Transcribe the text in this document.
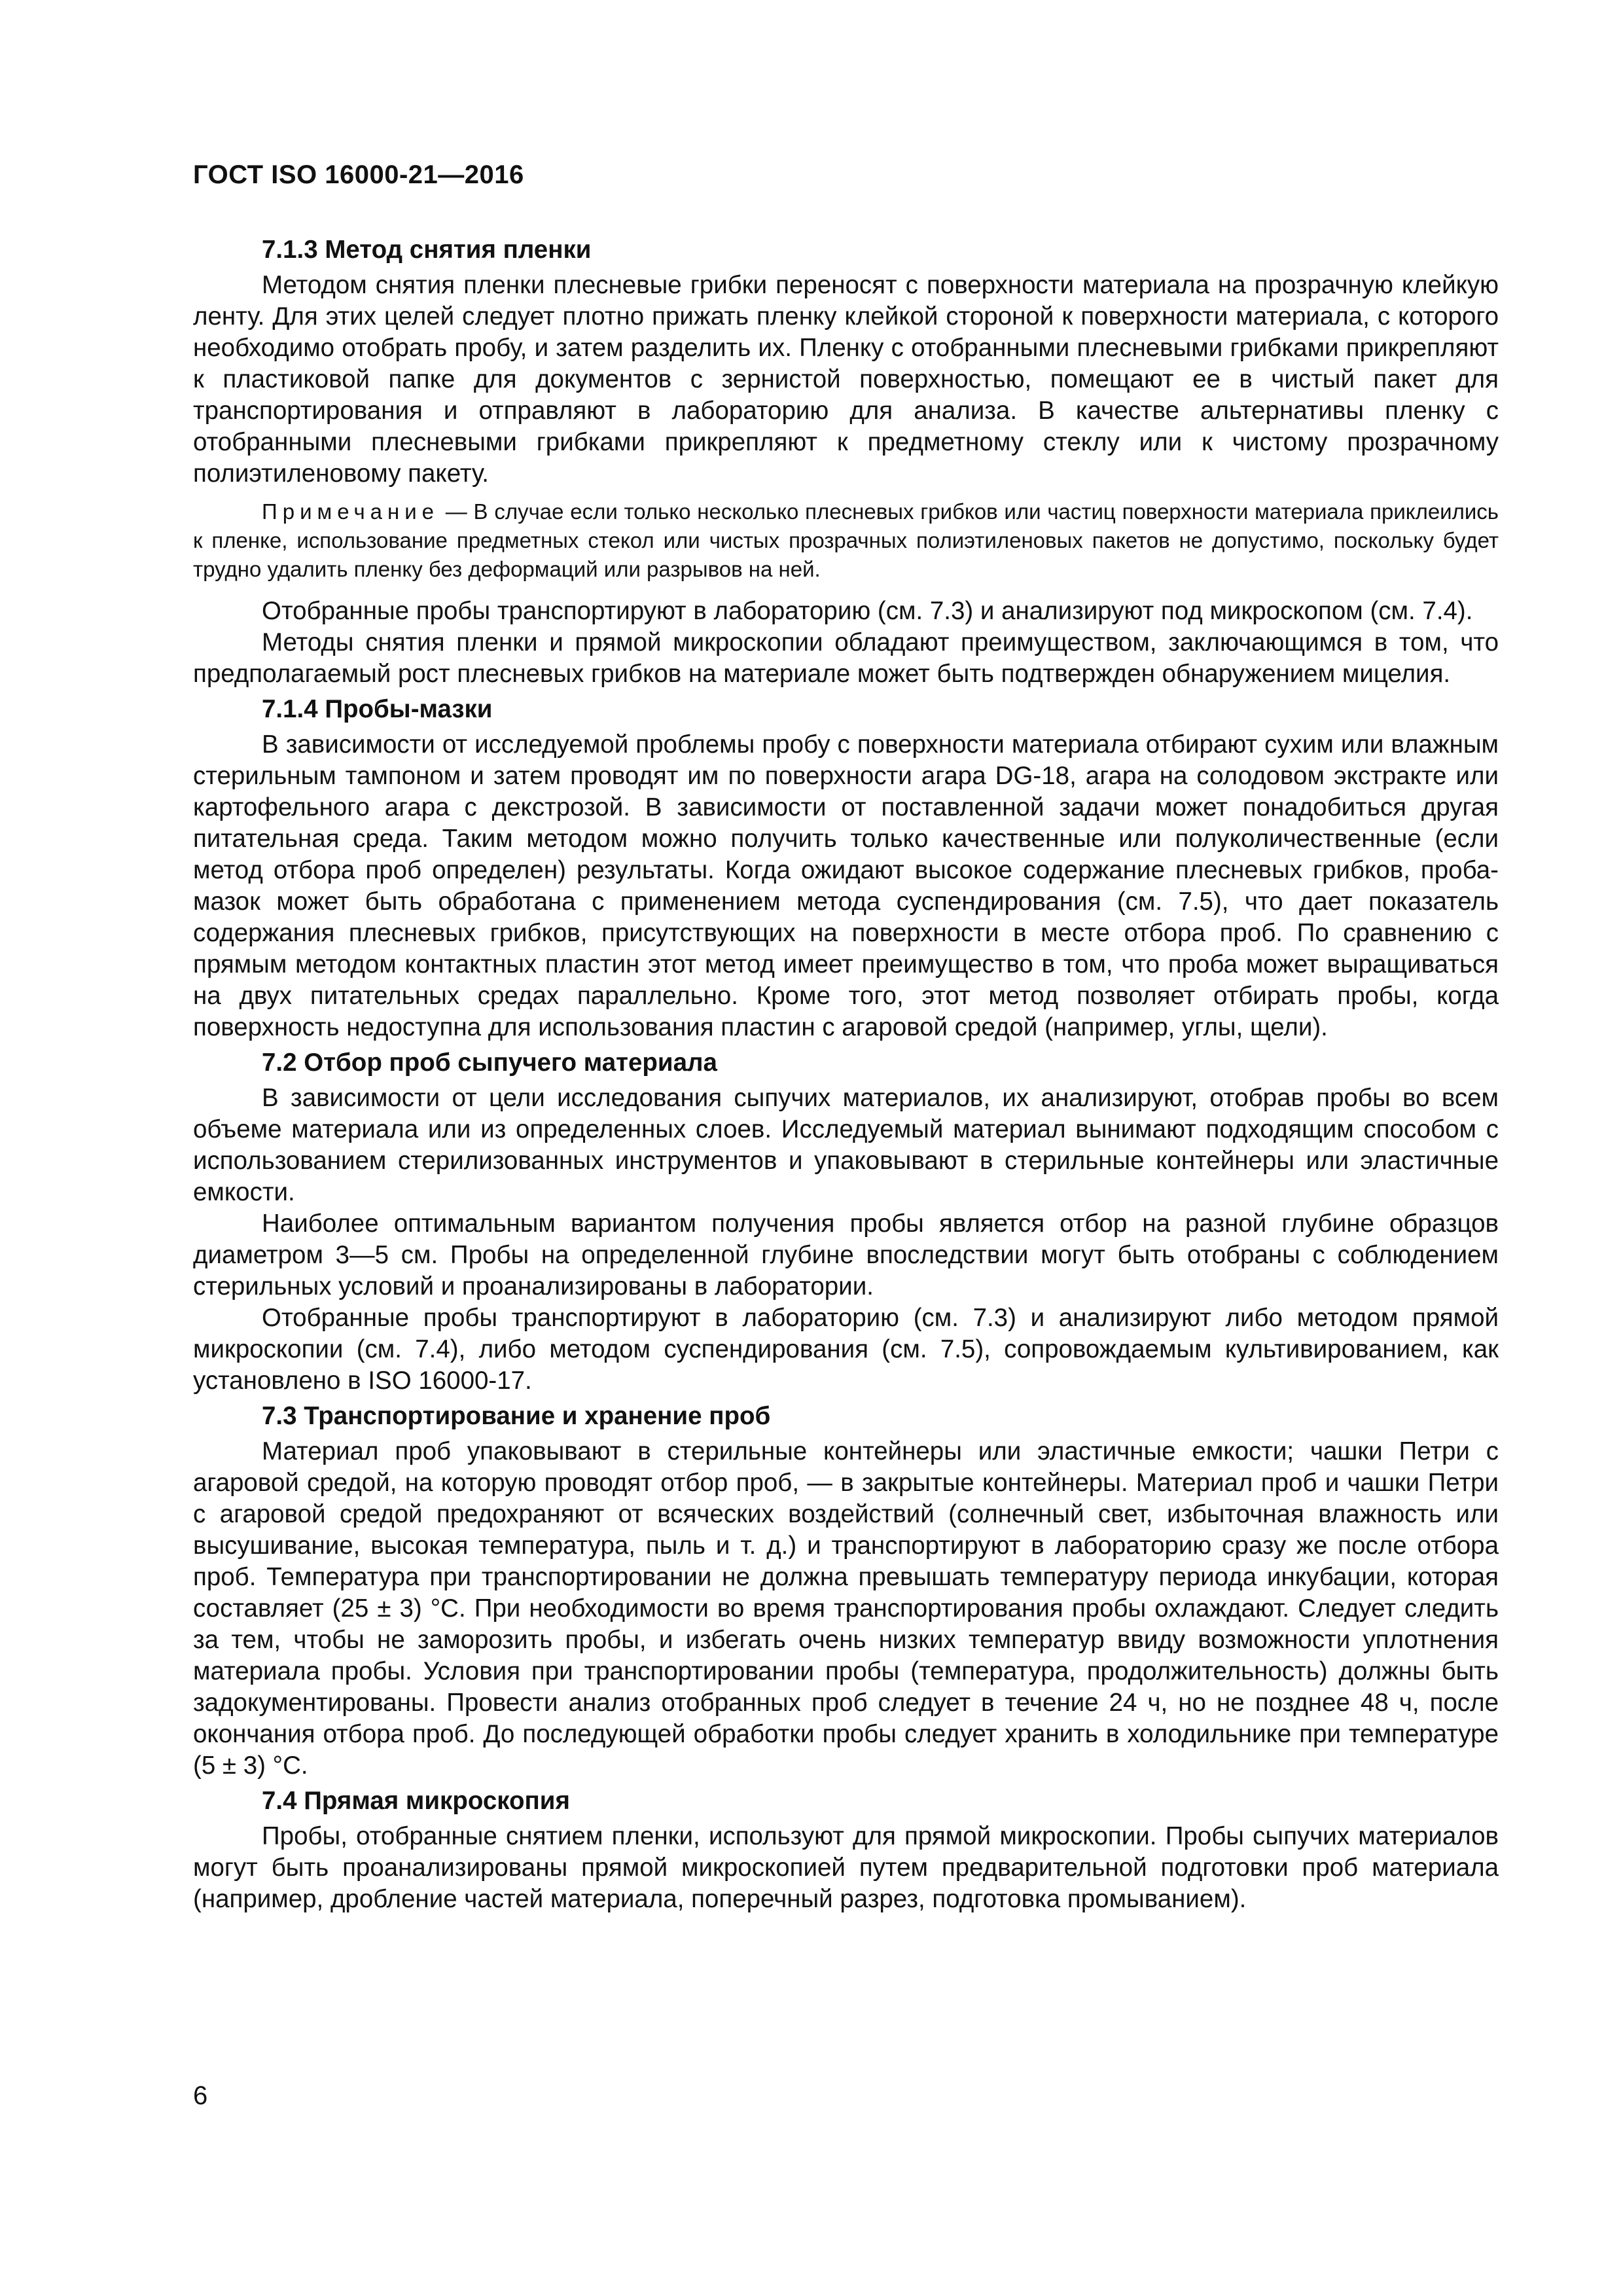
ГОСТ ISO 16000-21—2016
7.1.3 Метод снятия пленки

Методом снятия пленки плесневые грибки переносят с поверхности материала на прозрачную клейкую ленту. Для этих целей следует плотно прижать пленку клейкой стороной к поверхности материала, с которого необходимо отобрать пробу, и затем разделить их. Пленку с отобранными плесневыми грибками прикрепляют к пластиковой папке для документов с зернистой поверхностью, помещают ее в чистый пакет для транспортирования и отправляют в лабораторию для анализа. В качестве альтернативы пленку с отобранными плесневыми грибками прикрепляют к предметному стеклу или к чистому прозрачному полиэтиленовому пакету.

Примечание — В случае если только несколько плесневых грибков или частиц поверхности материала приклеились к пленке, использование предметных стекол или чистых прозрачных полиэтиленовых пакетов не допустимо, поскольку будет трудно удалить пленку без деформаций или разрывов на ней.

Отобранные пробы транспортируют в лабораторию (см. 7.3) и анализируют под микроскопом (см. 7.4).

Методы снятия пленки и прямой микроскопии обладают преимуществом, заключающимся в том, что предполагаемый рост плесневых грибков на материале может быть подтвержден обнаружением мицелия.

7.1.4 Пробы-мазки

В зависимости от исследуемой проблемы пробу с поверхности материала отбирают сухим или влажным стерильным тампоном и затем проводят им по поверхности агара DG-18, агара на солодовом экстракте или картофельного агара с декстрозой. В зависимости от поставленной задачи может понадобиться другая питательная среда. Таким методом можно получить только качественные или полуколичественные (если метод отбора проб определен) результаты. Когда ожидают высокое содержание плесневых грибков, проба-мазок может быть обработана с применением метода суспендирования (см. 7.5), что дает показатель содержания плесневых грибков, присутствующих на поверхности в месте отбора проб. По сравнению с прямым методом контактных пластин этот метод имеет преимущество в том, что проба может выращиваться на двух питательных средах параллельно. Кроме того, этот метод позволяет отбирать пробы, когда поверхность недоступна для использования пластин с агаровой средой (например, углы, щели).

7.2 Отбор проб сыпучего материала

В зависимости от цели исследования сыпучих материалов, их анализируют, отобрав пробы во всем объеме материала или из определенных слоев. Исследуемый материал вынимают подходящим способом с использованием стерилизованных инструментов и упаковывают в стерильные контейнеры или эластичные емкости.

Наиболее оптимальным вариантом получения пробы является отбор на разной глубине образцов диаметром 3—5 см. Пробы на определенной глубине впоследствии могут быть отобраны с соблюдением стерильных условий и проанализированы в лаборатории.

Отобранные пробы транспортируют в лабораторию (см. 7.3) и анализируют либо методом прямой микроскопии (см. 7.4), либо методом суспендирования (см. 7.5), сопровождаемым культивированием, как установлено в ISO 16000-17.

7.3 Транспортирование и хранение проб

Материал проб упаковывают в стерильные контейнеры или эластичные емкости; чашки Петри с агаровой средой, на которую проводят отбор проб, — в закрытые контейнеры. Материал проб и чашки Петри с агаровой средой предохраняют от всяческих воздействий (солнечный свет, избыточная влажность или высушивание, высокая температура, пыль и т. д.) и транспортируют в лабораторию сразу же после отбора проб. Температура при транспортировании не должна превышать температуру периода инкубации, которая составляет (25 ± 3) °С. При необходимости во время транспортирования пробы охлаждают. Следует следить за тем, чтобы не заморозить пробы, и избегать очень низких температур ввиду возможности уплотнения материала пробы. Условия при транспортировании пробы (температура, продолжительность) должны быть задокументированы. Провести анализ отобранных проб следует в течение 24 ч, но не позднее 48 ч, после окончания отбора проб. До последующей обработки пробы следует хранить в холодильнике при температуре (5 ± 3) °С.

7.4 Прямая микроскопия

Пробы, отобранные снятием пленки, используют для прямой микроскопии. Пробы сыпучих материалов могут быть проанализированы прямой микроскопией путем предварительной подготовки проб материала (например, дробление частей материала, поперечный разрез, подготовка промыванием).

6
